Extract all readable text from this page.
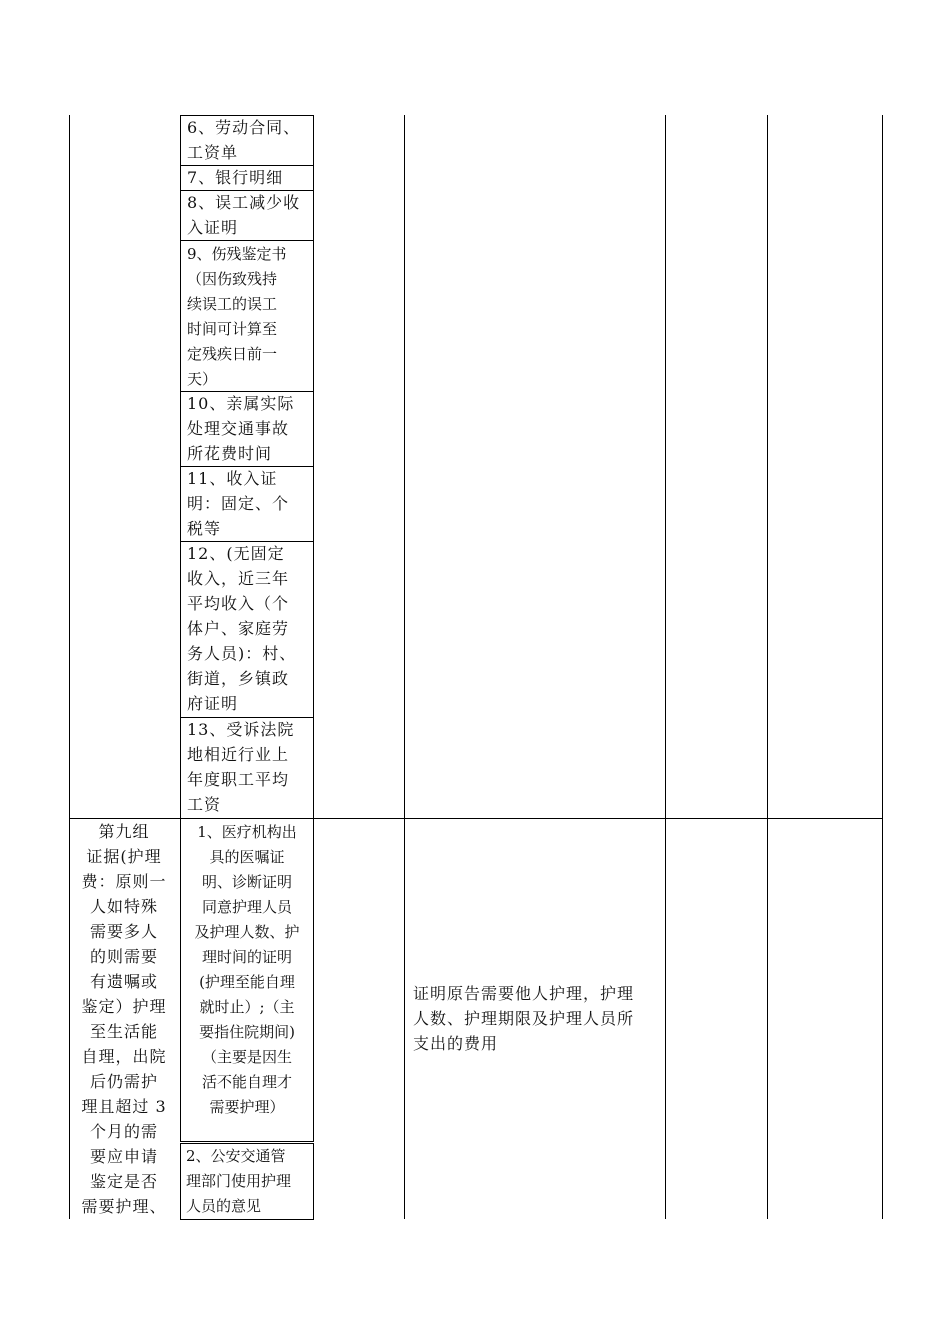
6、劳动合同、
工资单
7、银行明细
8、误工减少收
入证明
9、伤残鉴定书
（因伤致残持
续误工的误工
时间可计算至
定残疾日前一
天）
10、亲属实际
处理交通事故
所花费时间
11、收入证
明：固定、个
税等
12、(无固定
收入，近三年
平均收入（个
体户、家庭劳
务人员)：村、
街道，乡镇政
府证明
13、受诉法院
地相近行业上
年度职工平均
工资
第九组
证据(护理
费：原则一
人如特殊
需要多人
的则需要
有遗嘱或
鉴定）护理
至生活能
自理，出院
后仍需护
理且超过 3
个月的需
要应申请
鉴定是否
需要护理、
1、医疗机构出
具的医嘱证
明、诊断证明
同意护理人员
及护理人数、护
理时间的证明
(护理至能自理
就时止）;（主
要指住院期间)
（主要是因生
活不能自理才
需要护理）
2、公安交通管
理部门使用护理
人员的意见
证明原告需要他人护理，护理
人数、护理期限及护理人员所
支出的费用
